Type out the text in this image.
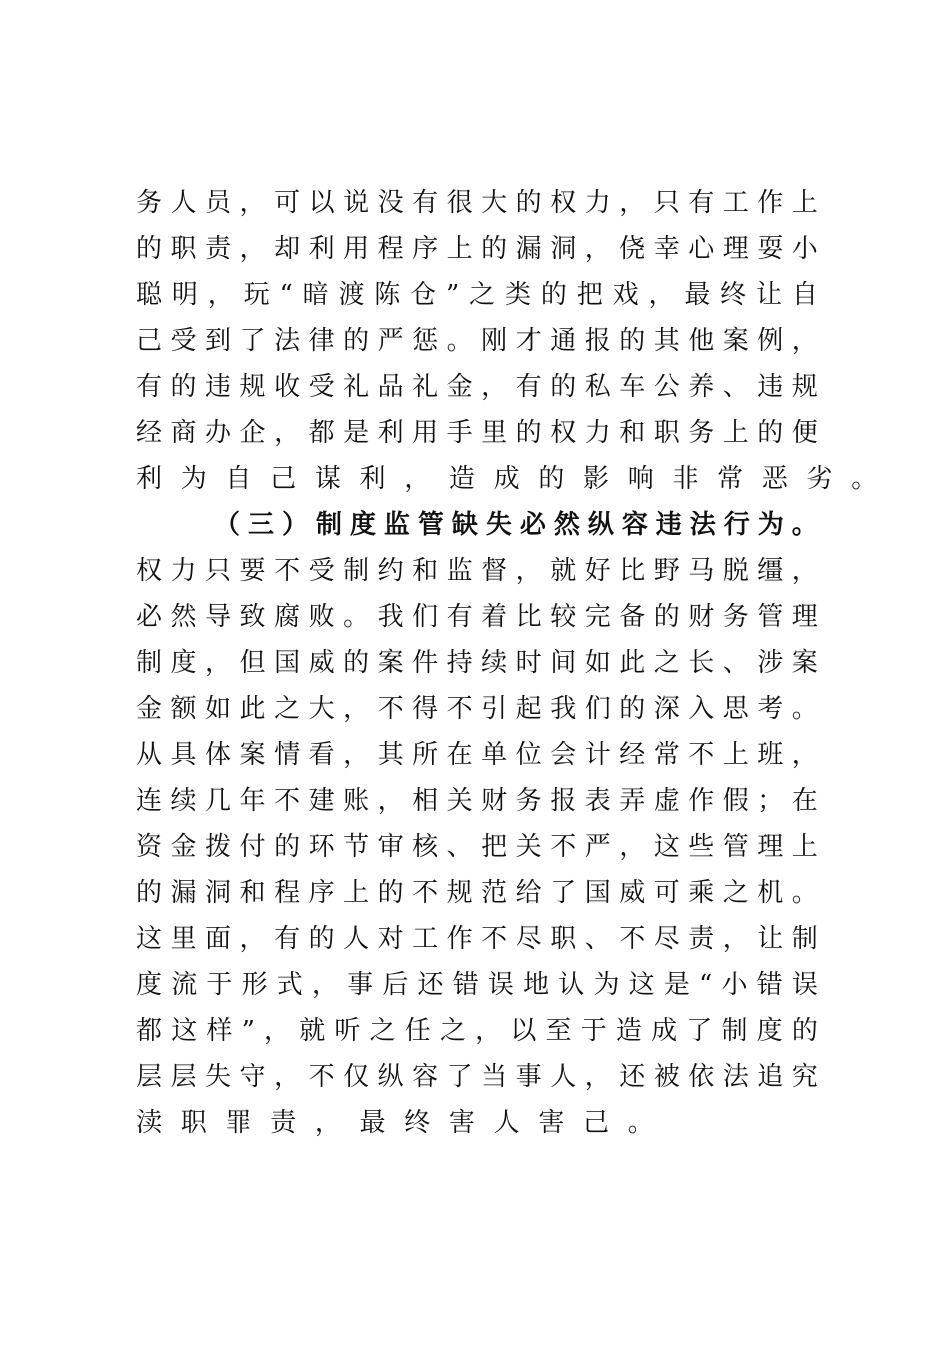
务 人 员 ， 可 以 说 没 有 很 大 的 权 力 ， 只 有 工 作 上
的 职 责 ， 却 利 用 程 序 上 的 漏 洞 ， 侥 幸 心 理 耍 小
聪 明 ， 玩 “ 暗 渡 陈 仓 ” 之 类 的 把 戏 ， 最 终 让 自
己 受 到 了 法 律 的 严 惩 。 刚 才 通 报 的 其 他 案 例 ，
有 的 违 规 收 受 礼 品 礼 金 ， 有 的 私 车 公 养 、 违 规
经 商 办 企 ， 都 是 利 用 手 里 的 权 力 和 职 务 上 的 便
利 为 自 己 谋 利 ， 造 成 的 影 响 非 常 恶 劣 。
（ 三 ） 制 度 监 管 缺 失 必 然 纵 容 违 法 行 为 。
权 力 只 要 不 受 制 约 和 监 督 ， 就 好 比 野 马 脱 缰 ，
必 然 导 致 腐 败 。 我 们 有 着 比 较 完 备 的 财 务 管 理
制 度 ， 但 国 威 的 案 件 持 续 时 间 如 此 之 长 、 涉 案
金 额 如 此 之 大 ， 不 得 不 引 起 我 们 的 深 入 思 考 。
从 具 体 案 情 看 ， 其 所 在 单 位 会 计 经 常 不 上 班 ，
连 续 几 年 不 建 账 ， 相 关 财 务 报 表 弄 虚 作 假 ； 在
资 金 拨 付 的 环 节 审 核 、 把 关 不 严 ， 这 些 管 理 上
的 漏 洞 和 程 序 上 的 不 规 范 给 了 国 威 可 乘 之 机 。
这 里 面 ， 有 的 人 对 工 作 不 尽 职 、 不 尽 责 ， 让 制
度 流 于 形 式 ， 事 后 还 错 误 地 认 为 这 是 “ 小 错 误
都 这 样 ” ， 就 听 之 任 之 ， 以 至 于 造 成 了 制 度 的
层 层 失 守 ， 不 仅 纵 容 了 当 事 人 ， 还 被 依 法 追 究
渎 职 罪 责 ， 最 终 害 人 害 己 。
